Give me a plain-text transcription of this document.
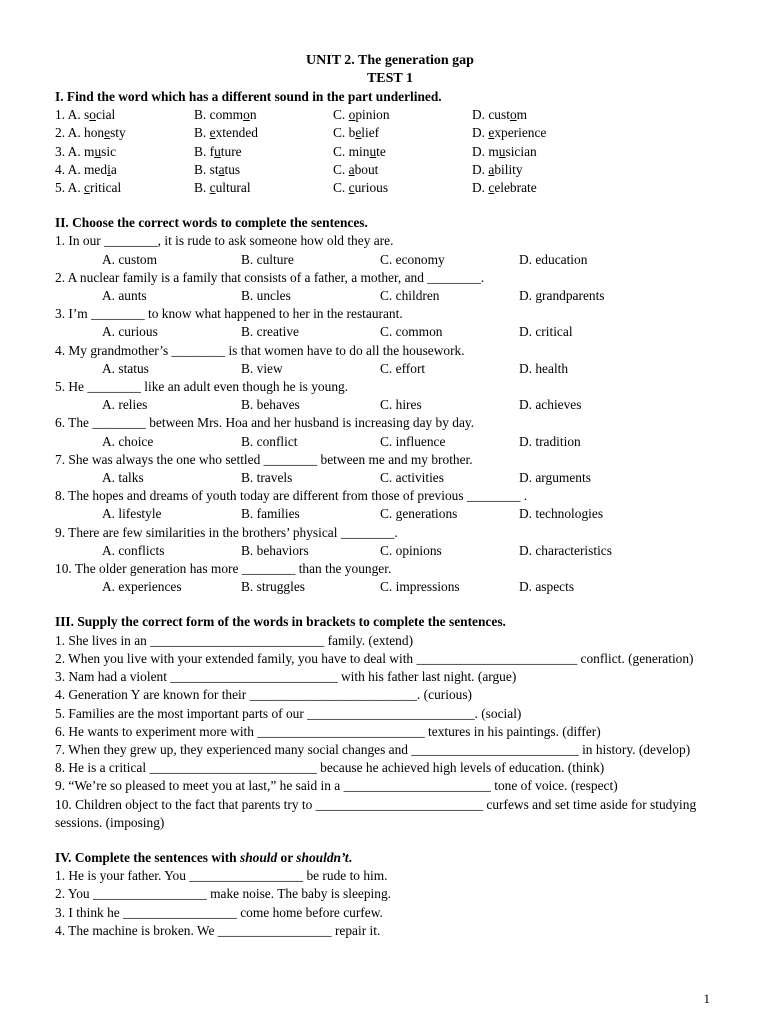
UNIT 2. The generation gap
TEST 1
I. Find the word which has a different sound in the part underlined.
1. A. social	B. common	C. opinion	D. custom
2. A. honesty	B. extended	C. belief	D. experience
3. A. music	B. future	C. minute	D. musician
4. A. media	B. status	C. about	D. ability
5. A. critical	B. cultural	C. curious	D. celebrate
II. Choose the correct words to complete the sentences.
1. In our ________, it is rude to ask someone how old they are.
A. custom	B. culture	C. economy	D. education
2. A nuclear family is a family that consists of a father, a mother, and ________.
A. aunts	B. uncles	C. children	D. grandparents
3. I’m ________ to know what happened to her in the restaurant.
A. curious	B. creative	C. common	D. critical
4. My grandmother’s ________ is that women have to do all the housework.
A. status	B. view	C. effort	D. health
5. He ________ like an adult even though he is young.
A. relies	B. behaves	C. hires	D. achieves
6. The ________ between Mrs. Hoa and her husband is increasing day by day.
A. choice	B. conflict	C. influence	D. tradition
7. She was always the one who settled ________ between me and my brother.
A. talks	B. travels	C. activities	D. arguments
8. The hopes and dreams of youth today are different from those of previous ________ .
A. lifestyle	B. families	C. generations	D. technologies
9. There are few similarities in the brothers’ physical ________.
A. conflicts	B. behaviors	C. opinions	D. characteristics
10. The older generation has more ________ than the younger.
A. experiences	B. struggles	C. impressions	D. aspects
III. Supply the correct form of the words in brackets to complete the sentences.
1. She lives in an __________________________ family. (extend)
2. When you live with your extended family, you have to deal with ________________________ conflict. (generation)
3. Nam had a violent _________________________ with his father last night. (argue)
4. Generation Y are known for their _________________________. (curious)
5. Families are the most important parts of our _________________________. (social)
6. He wants to experiment more with _________________________ textures in his paintings. (differ)
7. When they grew up, they experienced many social changes and _________________________ in history. (develop)
8. He is a critical _________________________ because he achieved high levels of education. (think)
9. “We’re so pleased to meet you at last,” he said in a ______________________ tone of voice. (respect)
10. Children object to the fact that parents try to _________________________ curfews and set time aside for studying sessions. (imposing)
IV. Complete the sentences with should or shouldn’t.
1. He is your father. You _________________ be rude to him.
2. You _________________ make noise. The baby is sleeping.
3. I think he _________________ come home before curfew.
4. The machine is broken. We _________________ repair it.
1
